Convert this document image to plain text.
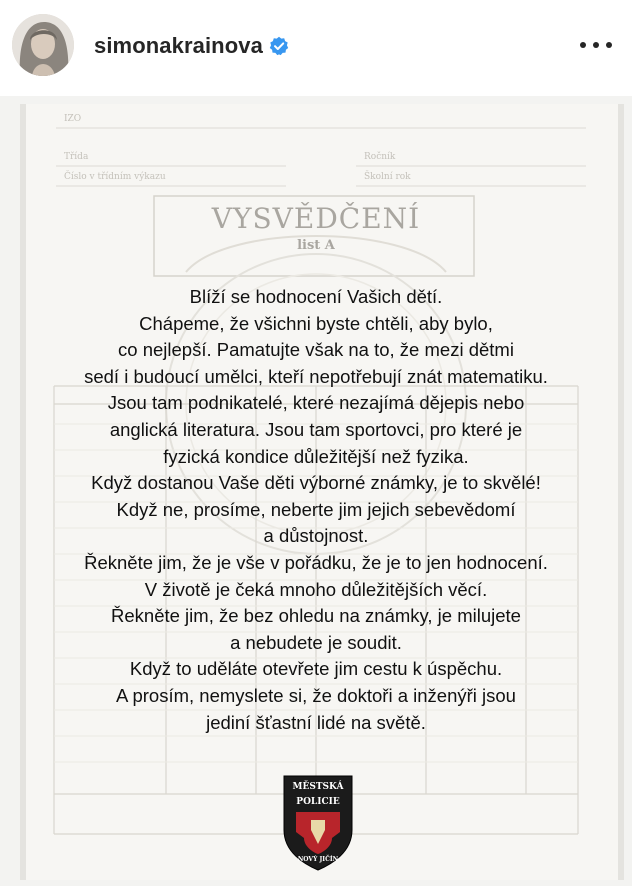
simonakrainova
IZO
Třída
Číslo v třídním výkazu
Ročník
Školní rok
VYSVĚDČENÍ
list A
Blíží se hodnocení Vašich dětí.
Chápeme, že všichni byste chtěli, aby bylo,
co nejlepší. Pamatujte však na to, že mezi dětmi
sedí i budoucí umělci, kteří nepotřebují znát matematiku.
Jsou tam podnikatelé, které nezajímá dějepis nebo
anglická literatura. Jsou tam sportovci, pro které je
fyzická kondice důležitější než fyzika.
Když dostanou Vaše děti výborné známky, je to skvělé!
Když ne, prosíme, neberte jim jejich sebevědomí
a důstojnost.
Řekněte jim, že je vše v pořádku, že je to jen hodnocení.
V životě je čeká mnoho důležitějších věcí.
Řekněte jim, že bez ohledu na známky, je milujete
a nebudete je soudit.
Když to uděláte otevřete jim cestu k úspěchu.
A prosím, nemyslete si, že doktoři a inženýři jsou
jediní šťastní lidé na světě.
MĚSTSKÁ
POLICIE
NOVÝ JIČÍN
